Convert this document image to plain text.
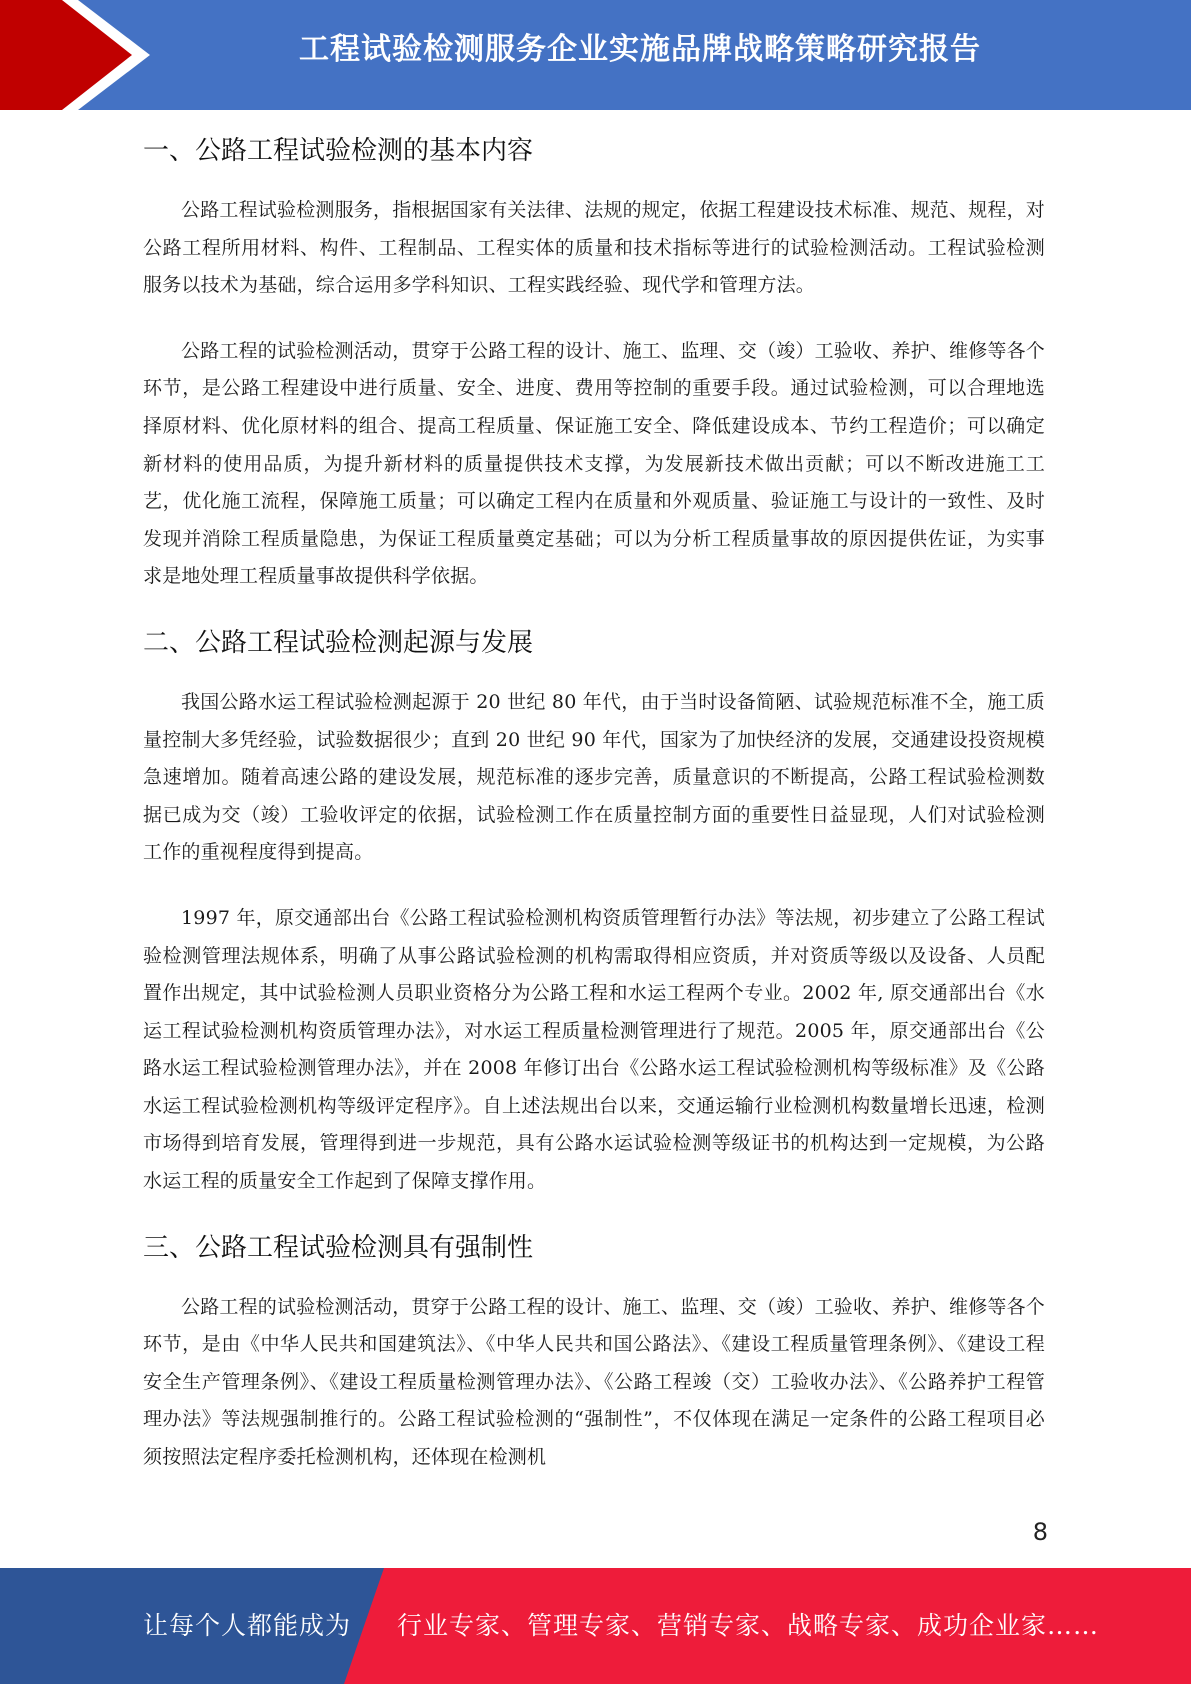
工程试验检测服务企业实施品牌战略策略研究报告
一、公路工程试验检测的基本内容

公路工程试验检测服务，指根据国家有关法律、法规的规定，依据工程建设技术标准、规范、规程，对公路工程所用材料、构件、工程制品、工程实体的质量和技术指标等进行的试验检测活动。工程试验检测服务以技术为基础，综合运用多学科知识、工程实践经验、现代学和管理方法。

公路工程的试验检测活动，贯穿于公路工程的设计、施工、监理、交（竣）工验收、养护、维修等各个环节，是公路工程建设中进行质量、安全、进度、费用等控制的重要手段。通过试验检测，可以合理地选择原材料、优化原材料的组合、提高工程质量、保证施工安全、降低建设成本、节约工程造价；可以确定新材料的使用品质，为提升新材料的质量提供技术支撑，为发展新技术做出贡献；可以不断改进施工工艺，优化施工流程，保障施工质量；可以确定工程内在质量和外观质量、验证施工与设计的一致性、及时发现并消除工程质量隐患，为保证工程质量奠定基础；可以为分析工程质量事故的原因提供佐证，为实事求是地处理工程质量事故提供科学依据。

二、公路工程试验检测起源与发展

我国公路水运工程试验检测起源于 20 世纪 80 年代，由于当时设备简陋、试验规范标准不全，施工质量控制大多凭经验，试验数据很少；直到 20 世纪 90 年代，国家为了加快经济的发展，交通建设投资规模急速增加。随着高速公路的建设发展，规范标准的逐步完善，质量意识的不断提高，公路工程试验检测数据已成为交（竣）工验收评定的依据，试验检测工作在质量控制方面的重要性日益显现，人们对试验检测工作的重视程度得到提高。

1997 年，原交通部出台《公路工程试验检测机构资质管理暂行办法》等法规，初步建立了公路工程试验检测管理法规体系，明确了从事公路试验检测的机构需取得相应资质，并对资质等级以及设备、人员配置作出规定，其中试验检测人员职业资格分为公路工程和水运工程两个专业。2002 年, 原交通部出台《水运工程试验检测机构资质管理办法》，对水运工程质量检测管理进行了规范。2005 年，原交通部出台《公路水运工程试验检测管理办法》，并在 2008 年修订出台《公路水运工程试验检测机构等级标准》及《公路水运工程试验检测机构等级评定程序》。自上述法规出台以来，交通运输行业检测机构数量增长迅速，检测市场得到培育发展，管理得到进一步规范，具有公路水运试验检测等级证书的机构达到一定规模，为公路水运工程的质量安全工作起到了保障支撑作用。

三、公路工程试验检测具有强制性

公路工程的试验检测活动，贯穿于公路工程的设计、施工、监理、交（竣）工验收、养护、维修等各个环节，是由《中华人民共和国建筑法》、《中华人民共和国公路法》、《建设工程质量管理条例》、《建设工程安全生产管理条例》、《建设工程质量检测管理办法》、《公路工程竣（交）工验收办法》、《公路养护工程管理办法》等法规强制推行的。公路工程试验检测的“强制性”，不仅体现在满足一定条件的公路工程项目必须按照法定程序委托检测机构，还体现在检测机

8
让每个人都能成为 行业专家、管理专家、营销专家、战略专家、成功企业家……
